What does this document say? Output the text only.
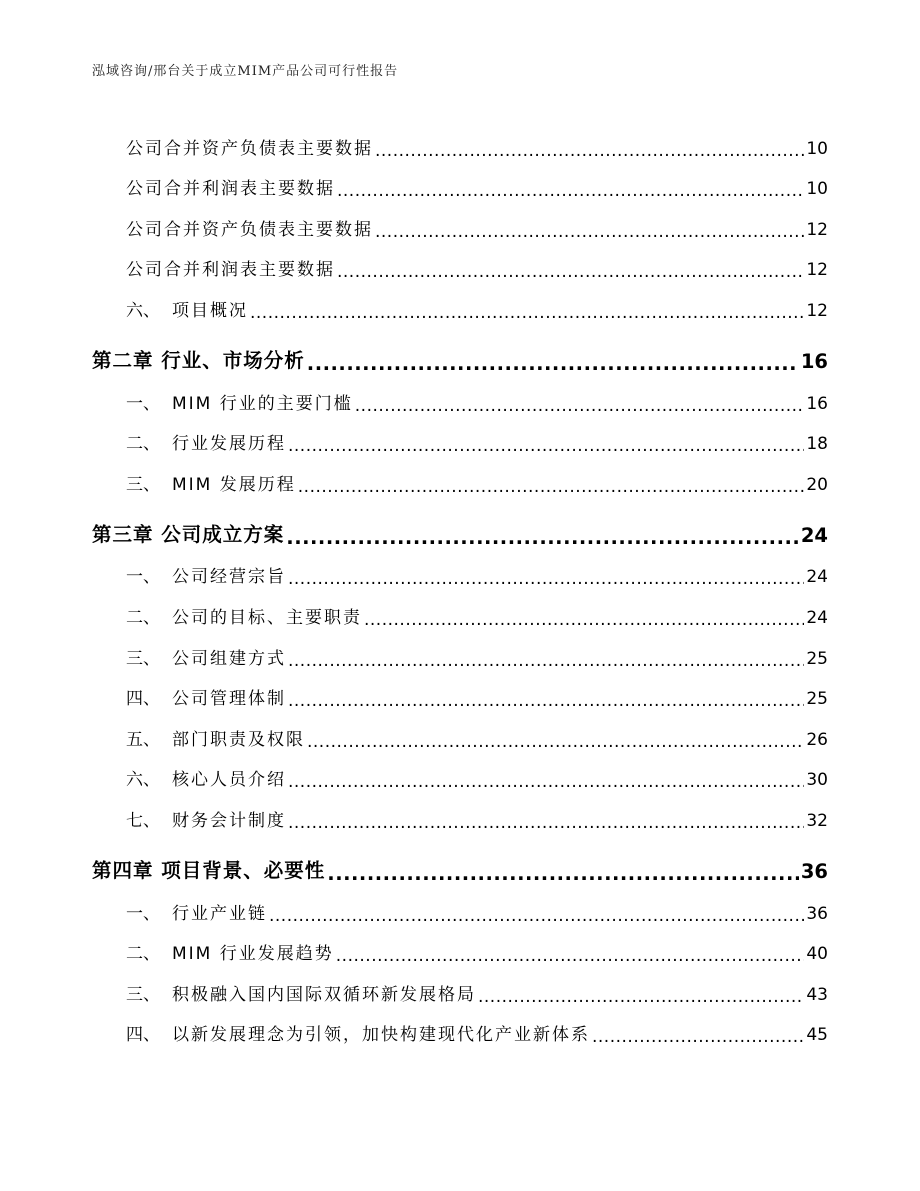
泓域咨询/邢台关于成立MIM产品公司可行性报告
公司合并资产负债表主要数据 .....	10
公司合并利润表主要数据 .....	10
公司合并资产负债表主要数据 .....	12
公司合并利润表主要数据 .....	12
六、 项目概况 .....	12
第二章 行业、市场分析 .....	16
一、 MIM 行业的主要门槛 .....	16
二、 行业发展历程 .....	18
三、 MIM 发展历程 .....	20
第三章 公司成立方案 .....	24
一、 公司经营宗旨 .....	24
二、 公司的目标、主要职责 .....	24
三、 公司组建方式 .....	25
四、 公司管理体制 .....	25
五、 部门职责及权限 .....	26
六、 核心人员介绍 .....	30
七、 财务会计制度 .....	32
第四章 项目背景、必要性 .....	36
一、 行业产业链 .....	36
二、 MIM 行业发展趋势 .....	40
三、 积极融入国内国际双循环新发展格局 .....	43
四、 以新发展理念为引领，加快构建现代化产业新体系 .....	45
